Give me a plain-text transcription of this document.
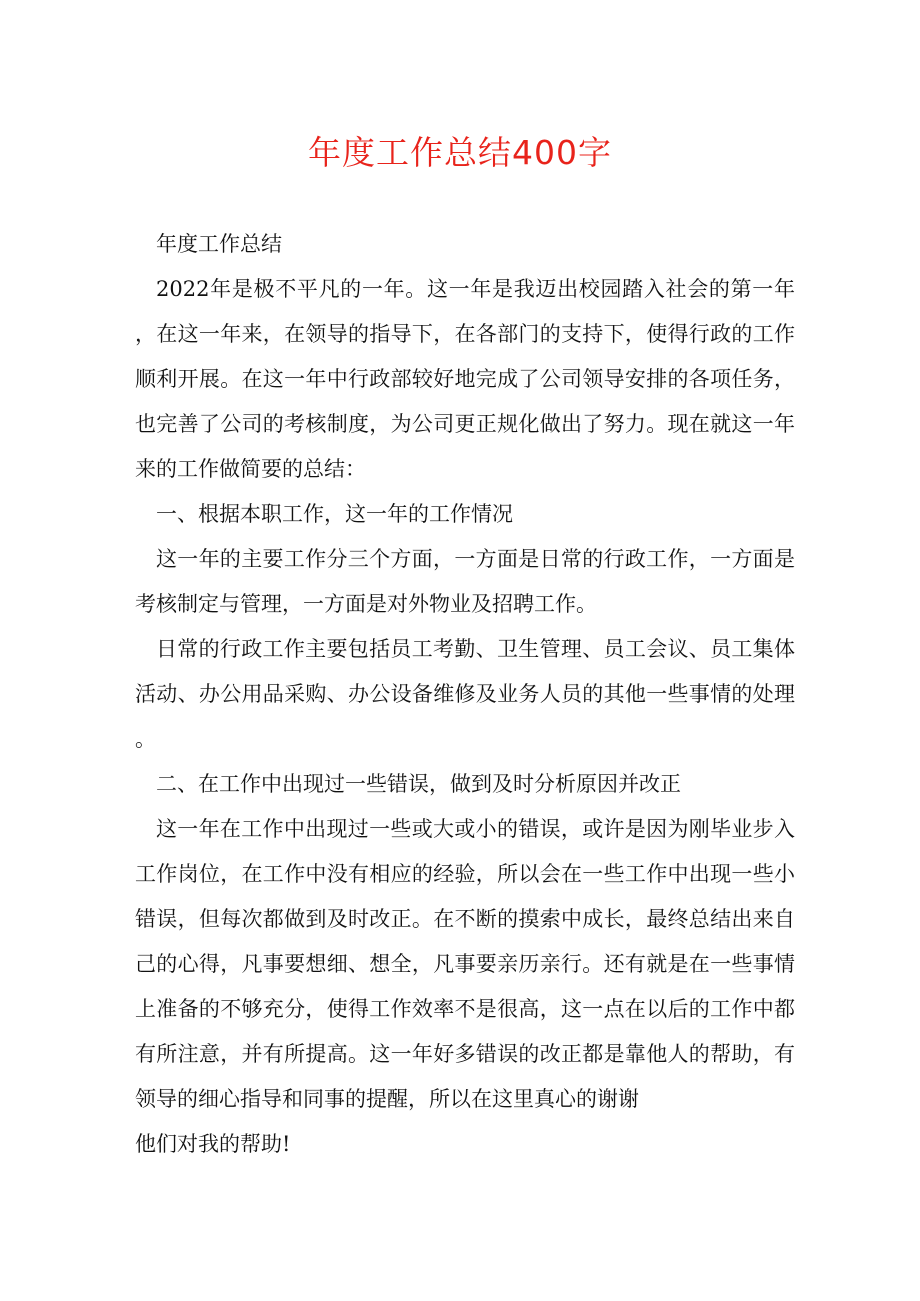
年度工作总结400字

年度工作总结

2022年是极不平凡的一年。这一年是我迈出校园踏入社会的第一年，在这一年来，在领导的指导下，在各部门的支持下，使得行政的工作顺利开展。在这一年中行政部较好地完成了公司领导安排的各项任务，也完善了公司的考核制度，为公司更正规化做出了努力。现在就这一年来的工作做简要的总结：

一、根据本职工作，这一年的工作情况

这一年的主要工作分三个方面，一方面是日常的行政工作，一方面是考核制定与管理，一方面是对外物业及招聘工作。

日常的行政工作主要包括员工考勤、卫生管理、员工会议、员工集体活动、办公用品采购、办公设备维修及业务人员的其他一些事情的处理。

二、在工作中出现过一些错误，做到及时分析原因并改正

这一年在工作中出现过一些或大或小的错误，或许是因为刚毕业步入工作岗位，在工作中没有相应的经验，所以会在一些工作中出现一些小错误，但每次都做到及时改正。在不断的摸索中成长，最终总结出来自己的心得，凡事要想细、想全，凡事要亲历亲行。还有就是在一些事情上准备的不够充分，使得工作效率不是很高，这一点在以后的工作中都有所注意，并有所提高。这一年好多错误的改正都是靠他人的帮助，有领导的细心指导和同事的提醒，所以在这里真心的谢谢

他们对我的帮助!
